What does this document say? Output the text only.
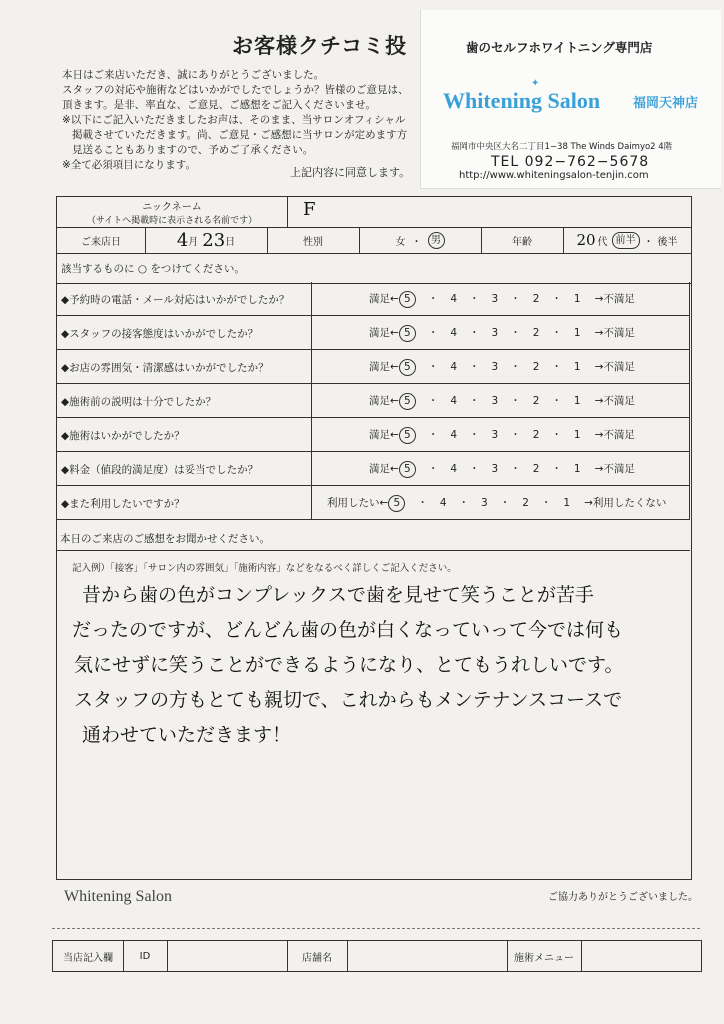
お客様クチコミ投
本日はご来店いただき、誠にありがとうございました。
スタッフの対応や施術などはいかがでしたでしょうか？皆様のご意見は、
頂きます。是非、率直な、ご意見、ご感想をご記入くださいませ。
※以下にご記入いただきましたお声は、そのまま、当サロンオフィシャル
掲載させていただきます。尚、ご意見・ご感想に当サロンが定めます方
見送ることもありますので、予めご了承ください。
※全て必須項目になります。
上記内容に同意します。
歯のセルフホワイトニング専門店
✦
Whitening Salon	福岡天神店
福岡市中央区大名二丁目1−38 The Winds Daimyo2 4階
TEL 092−762−5678
http://www.whiteningsalon-tenjin.com
ニックネーム
（サイトへ掲載時に表示される名前です）
F
ご来店日	4 月 23 日	性別	女 ・ 男	年齢	20 代 前半 ・ 後半
該当するものに ○ をつけてください。
◆予約時の電話・メール対応はいかがでしたか？	満足← 5 ・ 4 ・ 3 ・ 2 ・ 1 →不満足
◆スタッフの接客態度はいかがでしたか？	満足← 5 ・ 4 ・ 3 ・ 2 ・ 1 →不満足
◆お店の雰囲気・清潔感はいかがでしたか？	満足← 5 ・ 4 ・ 3 ・ 2 ・ 1 →不満足
◆施術前の説明は十分でしたか？	満足← 5 ・ 4 ・ 3 ・ 2 ・ 1 →不満足
◆施術はいかがでしたか？	満足← 5 ・ 4 ・ 3 ・ 2 ・ 1 →不満足
◆料金（値段的満足度）は妥当でしたか？	満足← 5 ・ 4 ・ 3 ・ 2 ・ 1 →不満足
◆また利用したいですか？	利用したい← 5 ・ 4 ・ 3 ・ 2 ・ 1 →利用したくない
本日のご来店のご感想をお聞かせください。
記入例）「接客」「サロン内の雰囲気」「施術内容」などをなるべく詳しくご記入ください。
昔から歯の色がコンプレックスで歯を見せて笑うことが苦手
だったのですが、どんどん歯の色が白くなっていって今では何も
気にせずに笑うことができるようになり、とてもうれしいです。
スタッフの方もとても親切で、これからもメンテナンスコースで
通わせていただきます！
Whitening Salon	ご協力ありがとうございました。
当店記入欄	ID	店舗名	施術メニュー
